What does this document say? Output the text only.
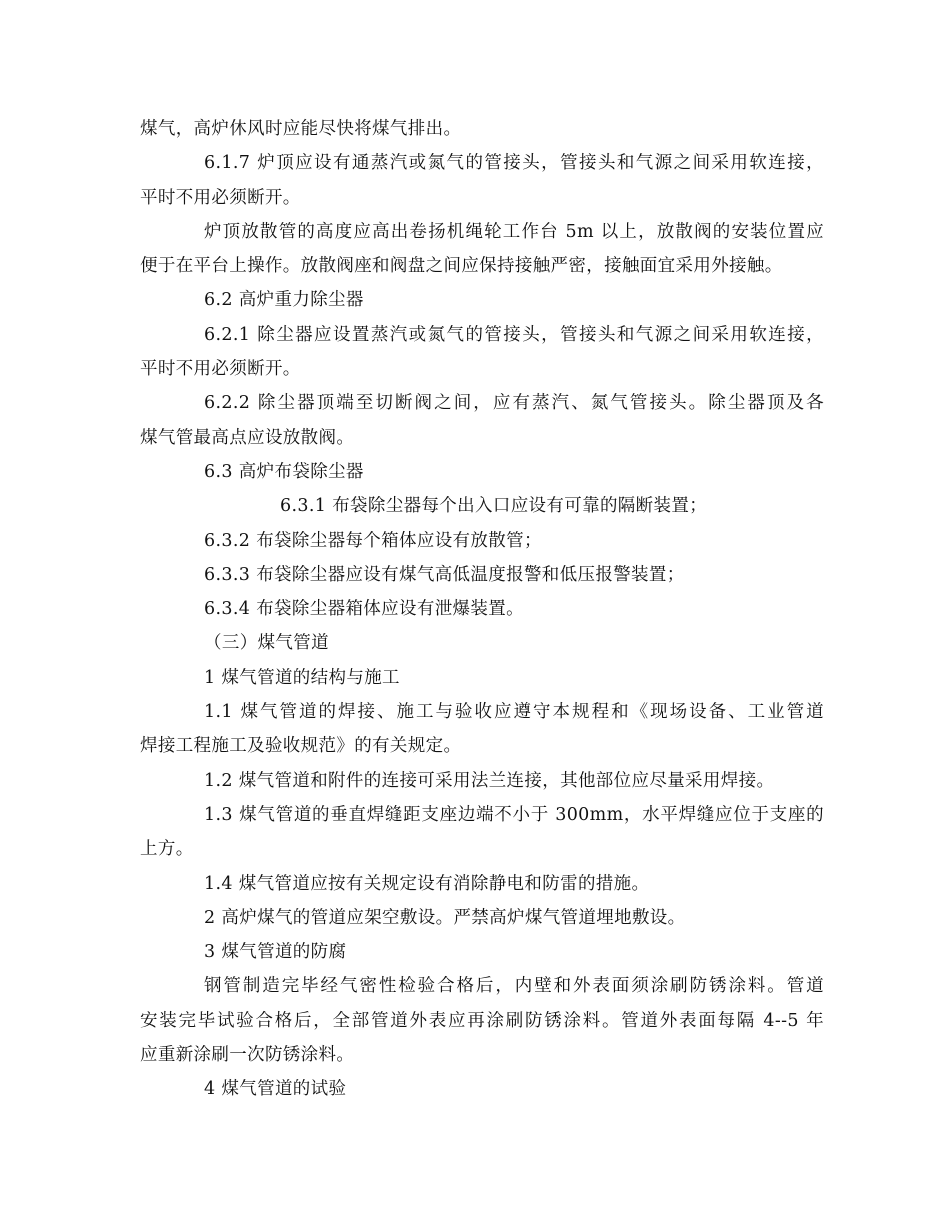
煤气，高炉休风时应能尽快将煤气排出。
6.1.7 炉顶应设有通蒸汽或氮气的管接头，管接头和气源之间采用软连接，
平时不用必须断开。
炉顶放散管的高度应高出卷扬机绳轮工作台 5m 以上，放散阀的安装位置应
便于在平台上操作。放散阀座和阀盘之间应保持接触严密，接触面宜采用外接触。
6.2 高炉重力除尘器
6.2.1 除尘器应设置蒸汽或氮气的管接头，管接头和气源之间采用软连接，
平时不用必须断开。
6.2.2 除尘器顶端至切断阀之间，应有蒸汽、氮气管接头。除尘器顶及各
煤气管最高点应设放散阀。
6.3 高炉布袋除尘器
6.3.1 布袋除尘器每个出入口应设有可靠的隔断装置；
6.3.2 布袋除尘器每个箱体应设有放散管；
6.3.3 布袋除尘器应设有煤气高低温度报警和低压报警装置；
6.3.4 布袋除尘器箱体应设有泄爆装置。
（三）煤气管道
1 煤气管道的结构与施工
1.1 煤气管道的焊接、施工与验收应遵守本规程和《现场设备、工业管道
焊接工程施工及验收规范》的有关规定。
1.2 煤气管道和附件的连接可采用法兰连接，其他部位应尽量采用焊接。
1.3 煤气管道的垂直焊缝距支座边端不小于 300mm，水平焊缝应位于支座的
上方。
1.4 煤气管道应按有关规定设有消除静电和防雷的措施。
2 高炉煤气的管道应架空敷设。严禁高炉煤气管道埋地敷设。
3 煤气管道的防腐
钢管制造完毕经气密性检验合格后，内壁和外表面须涂刷防锈涂料。管道
安装完毕试验合格后，全部管道外表应再涂刷防锈涂料。管道外表面每隔 4--5 年
应重新涂刷一次防锈涂料。
4 煤气管道的试验
